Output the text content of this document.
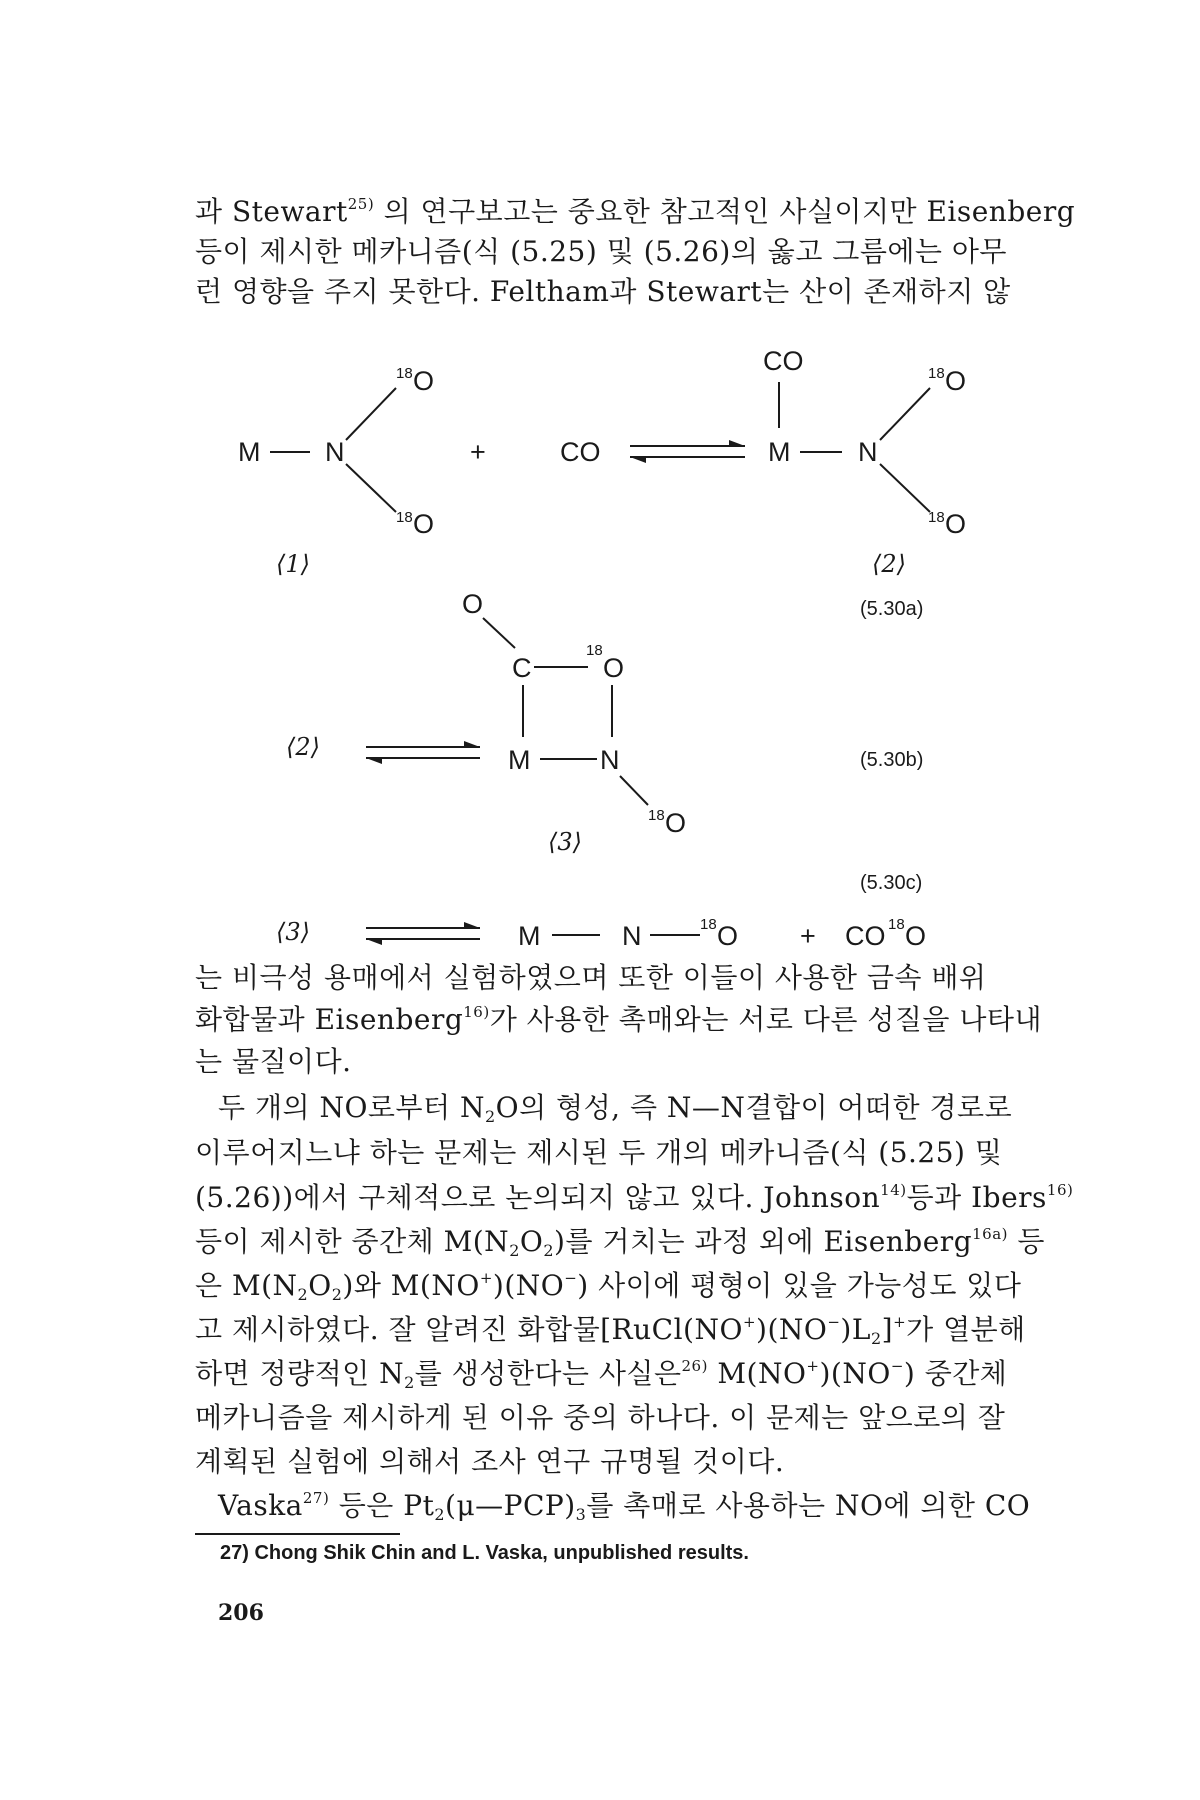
과 Stewart$^{25)}$ 의 연구보고는 중요한 참고적인 사실이지만 Eisenberg

등이 제시한 메카니즘(식 (5.25) 및 (5.26)의 옳고 그름에는 아무

런 영향을 주지 못한다. Feltham과 Stewart는 산이 존재하지 않

M N
18 O
18 O
+	CO
CO
M	N
18 O
18 O
⟨1⟩	⟨2⟩
(5.30a)
O
C
18
O
M	N
18 O
⟨2⟩	(5.30b)
⟨3⟩
(5.30c)
⟨3⟩	M	N	18 O + CO 18 O

는 비극성 용매에서 실험하였으며 또한 이들이 사용한 금속 배위

화합물과 Eisenberg$^{16)}$가 사용한 촉매와는 서로 다른 성질을 나타내

는 물질이다.

두 개의 NO로부터 $N_2O$의 형성, 즉 N—N결합이 어떠한 경로로

이루어지느냐 하는 문제는 제시된 두 개의 메카니즘(식 (5.25) 및

(5.26))에서 구체적으로 논의되지 않고 있다. Johnson$^{14)}$등과 Ibers$^{16)}$

등이 제시한 중간체 $M(N_2O_2)$를 거치는 과정 외에 Eisenberg$^{16a)}$ 등

은 $M(N_2O_2)$와 M(NO+)(NO−) 사이에 평형이 있을 가능성도 있다

고 제시하였다. 잘 알려진 화합물$[RuCl(NO^+)(NO^-)L_2]^+$가 열분해

하면 정량적인 $N_2$를 생성한다는 사실은$^{26)}$ M(NO+)(NO−) 중간체

메카니즘을 제시하게 된 이유 중의 하나다. 이 문제는 앞으로의 잘

계획된 실험에 의해서 조사 연구 규명될 것이다.

Vaska$^{27)}$ 등은 $Pt_2(\mu—PCP)_3$를 촉매로 사용하는 NO에 의한 CO

27) Chong Shik Chin and L. Vaska, unpublished results.
206
